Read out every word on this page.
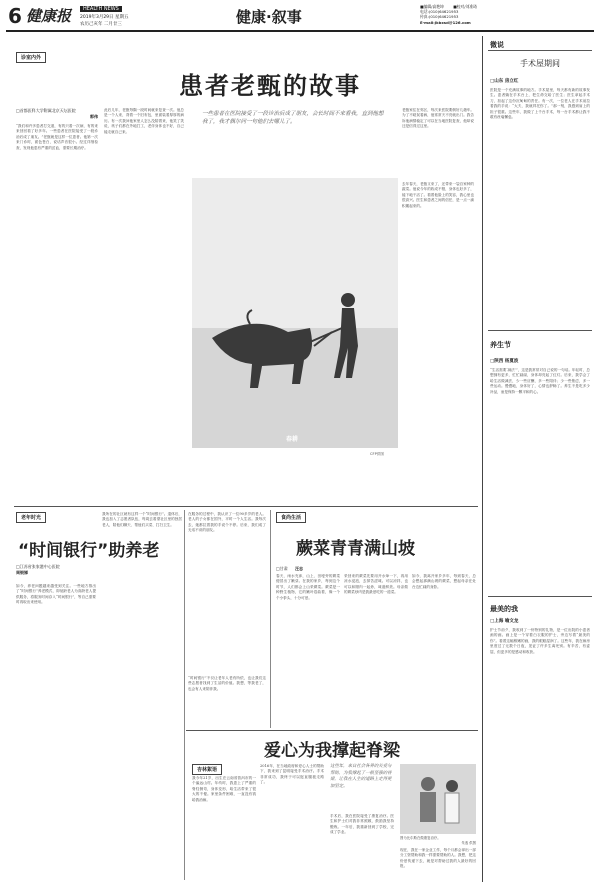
6 健康报	HEALTH NEWS
2019年3月29日 星期五
农历己亥年 二月廿三	健康·叙事
■编辑/高艳坤 ■校对/刘准琦
电话:(010)64621953
传真:(010)64621953
E-mail:jkbxsd@126.com
诊室内外
患者老甄的故事
□首都医科大学附属北京天坛医院
郭伟
“我们和许多患者打交道，有的只看一次病，有的来来回回看了好多年。一些患者在医院接受了一段诊治后成了朋友。”老甄就是这样一位患者。他第一次来门诊时，面色苍白，说话声音很小。经过详细检查，发现他患有严重的贫血，需要长期治疗。
此后几年，老甄每隔一段时间就来复查一次。他总是一个人来，背着一个旧布包，里面装着厚厚的病历。有一次我问他家里人怎么没陪着来，他笑了笑说，孩子们都在外地打工，老伴身体也不好，自己能走就自己来。
一些患者在医院接受了一段诊治后成了朋友，会长时间不来看我，直到他想我了，我才偶尔问一句他们去哪儿了。
老甄家住在郊区，每次来医院要倒好几趟车。为了不耽误看病，他常常天不亮就出门。我告诉他病情稳定了可以在当地医院复查，他却说还是信得过这里。
春耕
CFP供图
去年春天，老甄又来了，还带来一袋自家种的蔬菜。他说今年的收成不错，身体也好多了，能下地干活了。看着他脸上的笑容，我心里也很高兴。医生和患者之间的信任，是一点一滴积累起来的。
老年时光
“时间银行”助养老
□江苏省张家港中心医院
周银娣
如今，养老问题越来越受到关注。一些地方推出了“时间银行”养老模式，即低龄老人为高龄老人提供服务，将服务时间存入“时间银行”，等自己需要时再取出来使用。
我所在的社区就有这样一个“时间银行”。退休后，我也加入了志愿者队伍，每周去看望社区里的独居老人，陪他们聊天、帮他们买菜、打扫卫生。
在服务的过程中，我认识了一位90多岁的老人。老人的子女都在国外，平时一个人生活。我每次去，她都拉着我的手说个不停。后来，我们成了无话不谈的朋友。
“时间银行”不仅让老年人老有所依，也让我们这些志愿者找到了生活的价值。我想，等我老了，也会有人来陪伴我。
食尚生活
蕨菜青青满山坡
□甘肃 汪志
春天，雨水充沛，山上、田埂旁的蕨菜便冒出了嫩芽。在我的家乡，每到这个时节，人们都会上山采蕨菜。蕨菜是一种野生植物，它的嫩叶卷曲着，像一个个小拳头，十分可爱。
采回来的蕨菜先要用开水焯一下，再用凉水浸泡，去掉苦涩味。可以凉拌，也可以和腊肉一起炒，味道鲜美。母亲做的蕨菜炒肉是我最爱吃的一道菜。
如今，我离开家乡多年，每到春天，总会想起那满山坡的蕨菜，想起母亲在灶台边忙碌的身影。
爱心为我撑起脊梁
杏林絮语
我今年21岁，出生在云南省普洱市的一个偏远山村。年幼时，我患上了严重的脊柱侧弯，身体变形，给生活带来了很大的不便。家里条件困难，一直没有钱给我治病。
2016年，在当地政府和爱心人士的帮助下，我来到了昆明接受手术治疗。手术非常成功，我终于可以挺直腰板走路了。
这些年，来自社会各界的关爱与帮助，为我撑起了一根坚强的脊梁，让我在人生的道路上走得更加坚定。
手术后，我在医院接受了康复治疗。医生和护士们对我非常照顾，鼓励我坚持锻炼。一年后，我重新回到了学校，完成了学业。
图为比尔斯在做康复治疗。

朱逸 供图
现在，我在一家企业工作，每个月都会拿出一部分工资帮助和我一样需要帮助的人。我想，把这份爱传递下去，就是对帮助过我的人最好的回报。
微说
手术屋期间
□山东 房立红
医院是一个充满故事的地方。手术屋里，每天都有新的故事发生。患者躺在手术台上，把生命交给了医生；医生拿起手术刀，担起了这份沉甸甸的责任。有一次，一位老人在手术前拉着我的手说：“大夫，我就拜托你了。”那一刻，我感到肩上的担子很重。这些年，我做了上千台手术，每一台手术都让我不敢有丝毫懈怠。
养生节
□陕西 杨夏波
“生活需要‘减法’”，这是我常常对自己说的一句话。年轻时，总想拥有更多，忙忙碌碌，身体却亮起了红灯。后来，我学会了给生活做减法，少一些应酬，多一些陪伴；少一些焦虑，多一些运动。慢慢地，身体好了，心情也舒畅了。养生不是吃多少补品，而是保持一颗平和的心。
最美的我
□上海 喻文龙
护士节前夕，我收到了一份特别的礼物，是一位出院的小患者画的画。画上是一个穿着白衣服的护士，旁边写着“最美的你”。看着这幅稚嫩的画，我的眼眶湿润了。这些年，我在病房里度过了无数个日夜，见证了许多生离死别。有辛苦，有委屈，但更多的是感动和收获。
